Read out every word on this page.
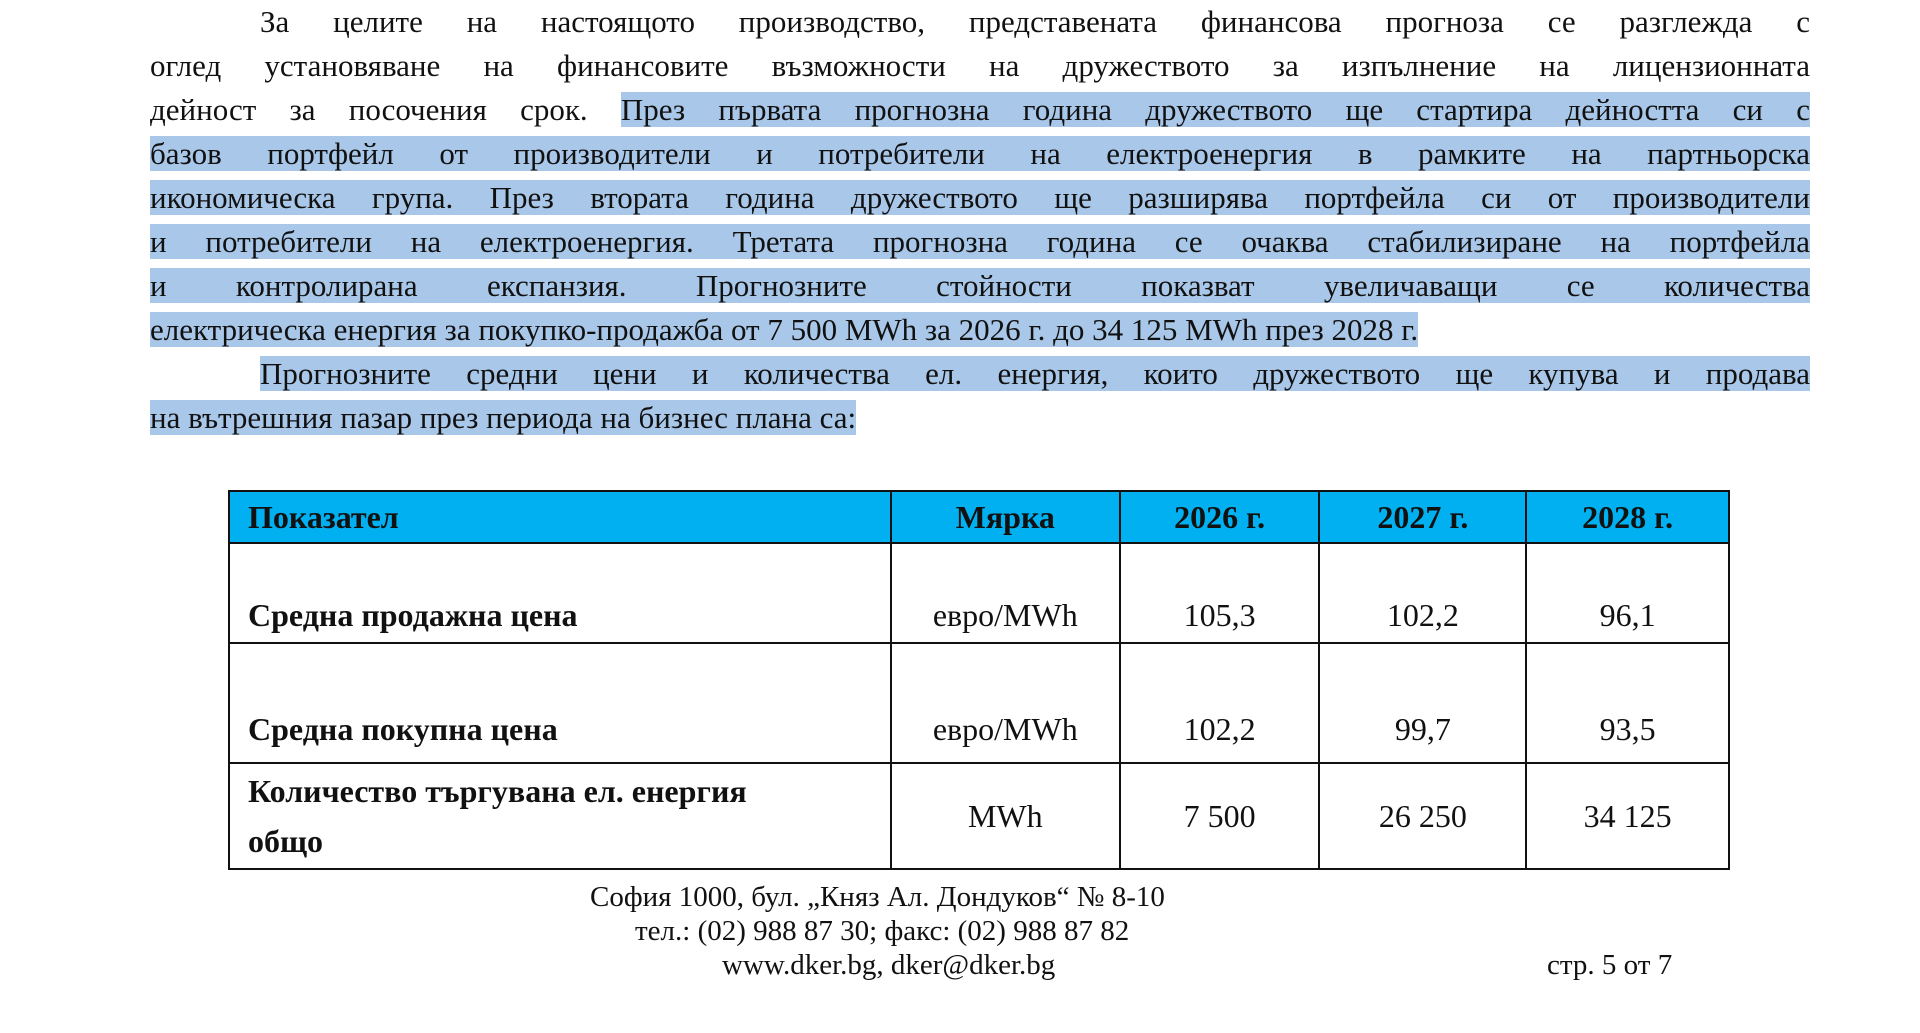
За целите на настоящото производство, представената финансова прогноза се разглежда с
оглед установяване на финансовите възможности на дружеството за изпълнение на лицензионната
дейност за посочения срок. През първата прогнозна година дружеството ще стартира дейността си с
базов портфейл от производители и потребители на електроенергия в рамките на партньорска
икономическа група. През втората година дружеството ще разширява портфейла си от производители
и потребители на електроенергия. Третата прогнозна година се очаква стабилизиране на портфейла
и контролирана експанзия. Прогнозните стойности показват увеличаващи се количества
електрическа енергия за покупко-продажба от 7 500 MWh за 2026 г. до 34 125 MWh през 2028 г.
Прогнозните средни цени и количества ел. енергия, които дружеството ще купува и продава
на вътрешния пазар през периода на бизнес плана са:
Показател	Мярка	2026 г.	2027 г.	2028 г.
Средна продажна цена	евро/MWh	105,3	102,2	96,1
Средна покупна цена	евро/MWh	102,2	99,7	93,5
Количество търгувана ел. енергия
общо	MWh	7 500	26 250	34 125
София 1000, бул. „Княз Ал. Дондуков“ № 8-10
тел.: (02) 988 87 30; факс: (02) 988 87 82
www.dker.bg, dker@dker.bg	стр. 5 от 7
